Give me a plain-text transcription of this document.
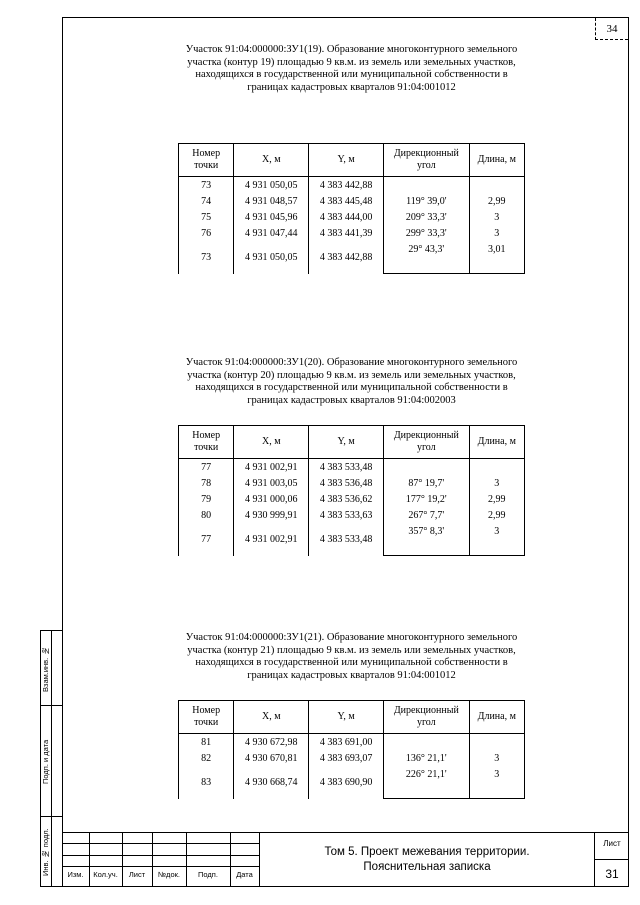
34
Участок 91:04:000000:ЗУ1(19). Образование многоконтурного земельного участка (контур 19) площадью 9 кв.м. из земель или земельных участков, находящихся в государственной или муниципальной собственности в границах кадастровых кварталов 91:04:001012
Номер точки	X, м	Y, м	Дирекционный угол	Длина, м
73	4 931 050,05	4 383 442,88		
			119° 39,0'	2,99
74	4 931 048,57	4 383 445,48		
			209° 33,3'	3
75	4 931 045,96	4 383 444,00		
			299° 33,3'	3
76	4 931 047,44	4 383 441,39		
			29° 43,3'	3,01
73	4 931 050,05	4 383 442,88		

Участок 91:04:000000:ЗУ1(20). Образование многоконтурного земельного участка (контур 20) площадью 9 кв.м. из земель или земельных участков, находящихся в государственной или муниципальной собственности в границах кадастровых кварталов 91:04:002003
Номер точки	X, м	Y, м	Дирекционный угол	Длина, м
77	4 931 002,91	4 383 533,48		
			87° 19,7'	3
78	4 931 003,05	4 383 536,48		
			177° 19,2'	2,99
79	4 931 000,06	4 383 536,62		
			267° 7,7'	2,99
80	4 930 999,91	4 383 533,63		
			357° 8,3'	3
77	4 931 002,91	4 383 533,48		

Участок 91:04:000000:ЗУ1(21). Образование многоконтурного земельного участка (контур 21) площадью 9 кв.м. из земель или земельных участков, находящихся в государственной или муниципальной собственности в границах кадастровых кварталов 91:04:001012
Номер точки	X, м	Y, м	Дирекционный угол	Длина, м
81	4 930 672,98	4 383 691,00		
			136° 21,1'	3
82	4 930 670,81	4 383 693,07		
			226° 21,1'	3
83	4 930 668,74	4 383 690,90		

Взам.инв. №
Подп. и дата
Инв. № подл.	Изм.	Кол.уч.	Лист	№док.	Подп.	Дата
Том 5. Проект межевания территории.
Пояснительная записка
Лист
31
